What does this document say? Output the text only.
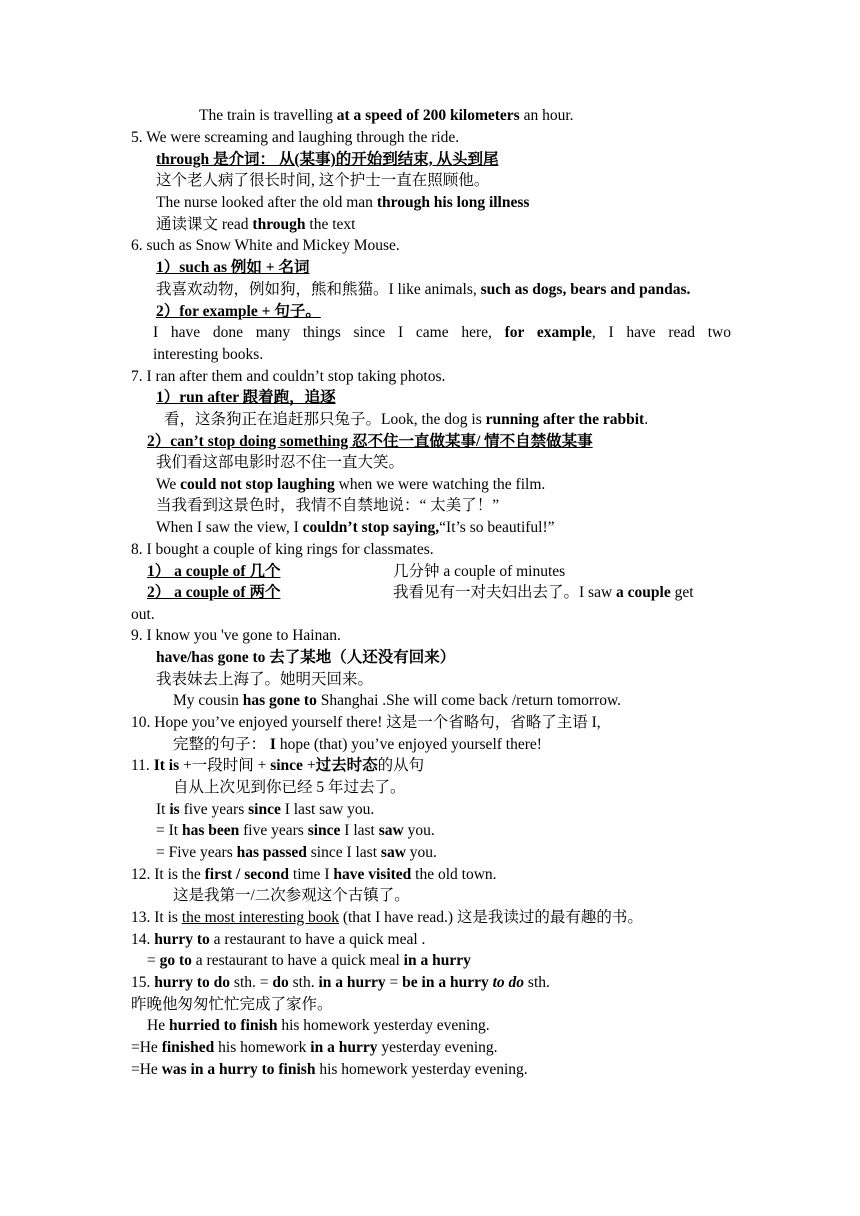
The train is travelling at a speed of 200 kilometers an hour.
5. We were screaming and laughing through the ride.
through 是介词： 从(某事)的开始到结束, 从头到尾
这个老人病了很长时间, 这个护士一直在照顾他。
The nurse looked after the old man through his long illness
通读课文 read through the text
6. such as Snow White and Mickey Mouse.
1）such as 例如 + 名词
我喜欢动物，例如狗，熊和熊猫。I like animals, such as dogs, bears and pandas.
2）for example + 句子。
I have done many things since I came here, for example, I have read two
interesting books.
7. I ran after them and couldn’t stop taking photos.
1）run after 跟着跑，追逐
看，这条狗正在追赶那只兔子。Look, the dog is running after the rabbit.
2）can’t stop doing something 忍不住一直做某事/ 情不自禁做某事
我们看这部电影时忍不住一直大笑。
We could not stop laughing when we were watching the film.
当我看到这景色时，我情不自禁地说：“ 太美了！”
When I saw the view, I couldn’t stop saying,“It’s so beautiful!”
8. I bought a couple of king rings for classmates.
1） a couple of 几个	几分钟 a couple of minutes
2） a couple of 两个	我看见有一对夫妇出去了。I saw a couple get
out.
9. I know you 've gone to Hainan.
have/has gone to 去了某地（人还没有回来）
我表妹去上海了。她明天回来。
My cousin has gone to Shanghai .She will come back /return tomorrow.
10. Hope you’ve enjoyed yourself there! 这是一个省略句，省略了主语 I,
完整的句子： I hope (that) you’ve enjoyed yourself there!
11. It is +一段时间 + since +过去时态的从句
自从上次见到你已经 5 年过去了。
It is five years since I last saw you.
= It has been five years since I last saw you.
= Five years has passed since I last saw you.
12. It is the first / second time I have visited the old town.
这是我第一/二次参观这个古镇了。
13. It is the most interesting book (that I have read.) 这是我读过的最有趣的书。
14. hurry to a restaurant to have a quick meal .
= go to a restaurant to have a quick meal in a hurry
15. hurry to do sth. = do sth. in a hurry = be in a hurry to do sth.
昨晚他匆匆忙忙完成了家作。
He hurried to finish his homework yesterday evening.
=He finished his homework in a hurry yesterday evening.
=He was in a hurry to finish his homework yesterday evening.
